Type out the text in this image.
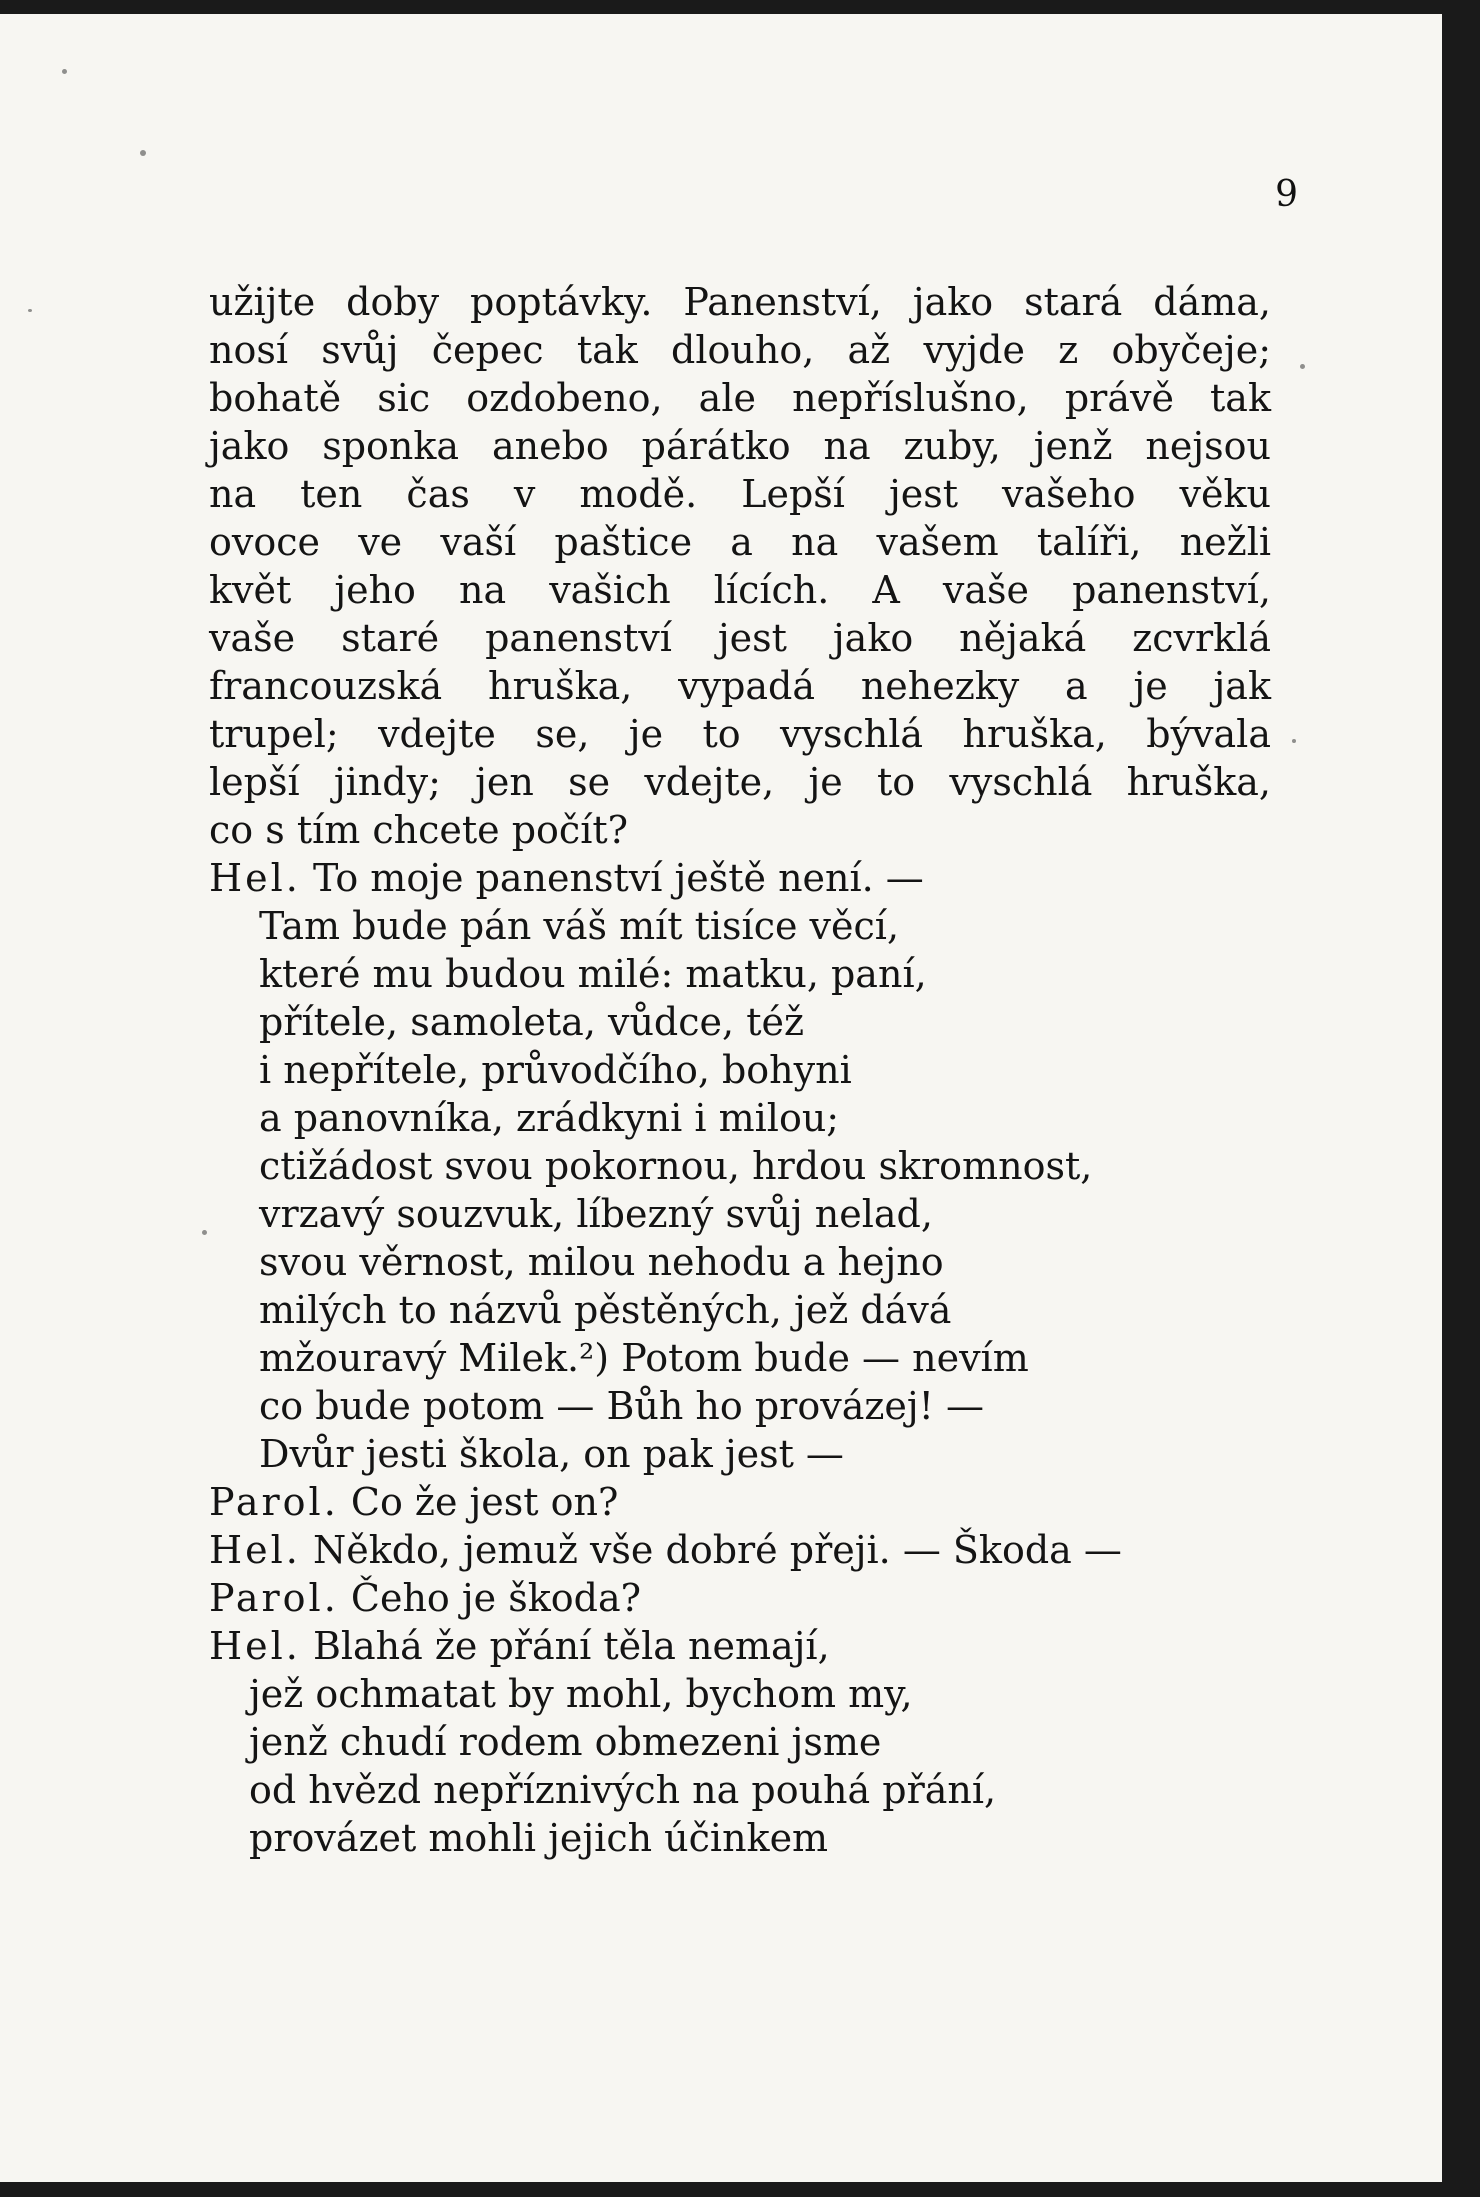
9
užijte doby poptávky. Panenství, jako stará dáma,
nosí svůj čepec tak dlouho, až vyjde z obyčeje;
bohatě sic ozdobeno, ale nepříslušno, právě tak
jako sponka anebo párátko na zuby, jenž nejsou
na ten čas v modě. Lepší jest vašeho věku
ovoce ve vaší paštice a na vašem talíři, nežli
květ jeho na vašich lících. A vaše panenství,
vaše staré panenství jest jako nějaká zcvrklá
francouzská hruška, vypadá nehezky a je jak
trupel; vdejte se, je to vyschlá hruška, bývala
lepší jindy; jen se vdejte, je to vyschlá hruška,
co s tím chcete počít?
Hel. To moje panenství ještě není. —
Tam bude pán váš mít tisíce věcí,
které mu budou milé: matku, paní,
přítele, samoleta, vůdce, též
i nepřítele, průvodčího, bohyni
a panovníka, zrádkyni i milou;
ctižádost svou pokornou, hrdou skromnost,
vrzavý souzvuk, líbezný svůj nelad,
svou věrnost, milou nehodu a hejno
milých to názvů pěstěných, jež dává
mžouravý Milek.²) Potom bude — nevím
co bude potom — Bůh ho provázej! —
Dvůr jesti škola, on pak jest —
Parol. Co že jest on?
Hel. Někdo, jemuž vše dobré přeji. — Škoda —
Parol. Čeho je škoda?
Hel. Blahá že přání těla nemají,
jež ochmatat by mohl, bychom my,
jenž chudí rodem obmezeni jsme
od hvězd nepříznivých na pouhá přání,
provázet mohli jejich účinkem
